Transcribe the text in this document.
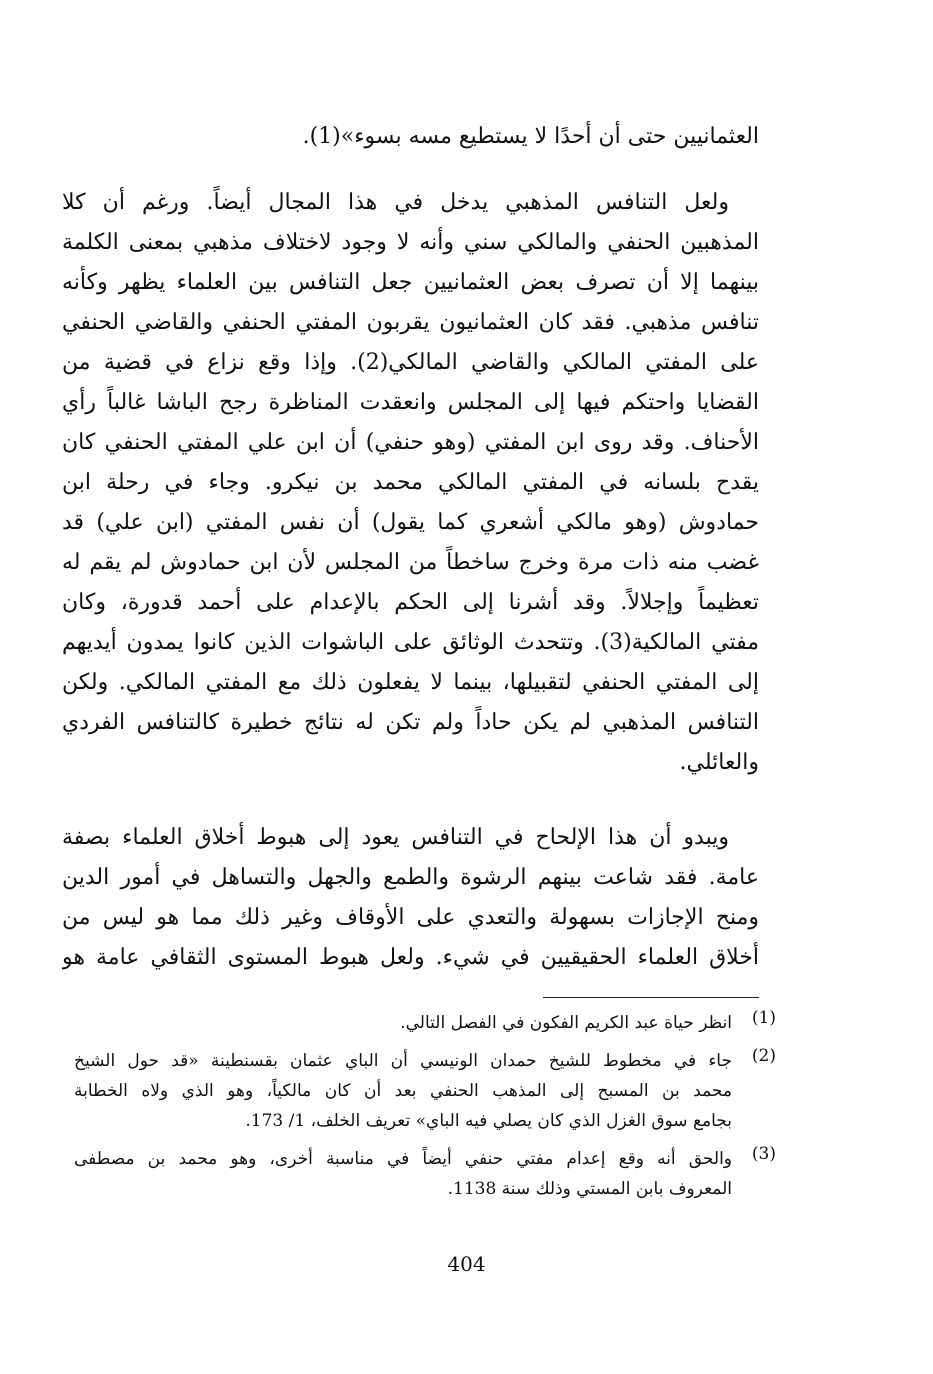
العثمانيين حتى أن أحدًا لا يستطيع مسه بسوء»(1).
ولعل التنافس المذهبي يدخل في هذا المجال أيضاً. ورغم أن كلا
المذهبين الحنفي والمالكي سني وأنه لا وجود لاختلاف مذهبي بمعنى الكلمة
بينهما إلا أن تصرف بعض العثمانيين جعل التنافس بين العلماء يظهر وكأنه
تنافس مذهبي. فقد كان العثمانيون يقربون المفتي الحنفي والقاضي الحنفي
على المفتي المالكي والقاضي المالكي(2). وإذا وقع نزاع في قضية من
القضايا واحتكم فيها إلى المجلس وانعقدت المناظرة رجح الباشا غالباً رأي
الأحناف. وقد روى ابن المفتي (وهو حنفي) أن ابن علي المفتي الحنفي كان
يقدح بلسانه في المفتي المالكي محمد بن نيكرو. وجاء في رحلة ابن
حمادوش (وهو مالكي أشعري كما يقول) أن نفس المفتي (ابن علي) قد
غضب منه ذات مرة وخرج ساخطاً من المجلس لأن ابن حمادوش لم يقم له
تعظيماً وإجلالاً. وقد أشرنا إلى الحكم بالإعدام على أحمد قدورة، وكان
مفتي المالكية(3). وتتحدث الوثائق على الباشوات الذين كانوا يمدون أيديهم
إلى المفتي الحنفي لتقبيلها، بينما لا يفعلون ذلك مع المفتي المالكي. ولكن
التنافس المذهبي لم يكن حاداً ولم تكن له نتائج خطيرة كالتنافس الفردي
والعائلي.
ويبدو أن هذا الإلحاح في التنافس يعود إلى هبوط أخلاق العلماء بصفة
عامة. فقد شاعت بينهم الرشوة والطمع والجهل والتساهل في أمور الدين
ومنح الإجازات بسهولة والتعدي على الأوقاف وغير ذلك مما هو ليس من
أخلاق العلماء الحقيقيين في شيء. ولعل هبوط المستوى الثقافي عامة هو
(1)
انظر حياة عبد الكريم الفكون في الفصل التالي.
(2)
جاء في مخطوط للشيخ حمدان الونيسي أن الباي عثمان بقسنطينة «قد حول الشيخ
محمد بن المسبح إلى المذهب الحنفي بعد أن كان مالكياً، وهو الذي ولاه الخطابة
بجامع سوق الغزل الذي كان يصلي فيه الباي» تعريف الخلف، 1/ 173.
(3)
والحق أنه وقع إعدام مفتي حنفي أيضاً في مناسبة أخرى، وهو محمد بن مصطفى
المعروف بابن المستي وذلك سنة 1138.
404
